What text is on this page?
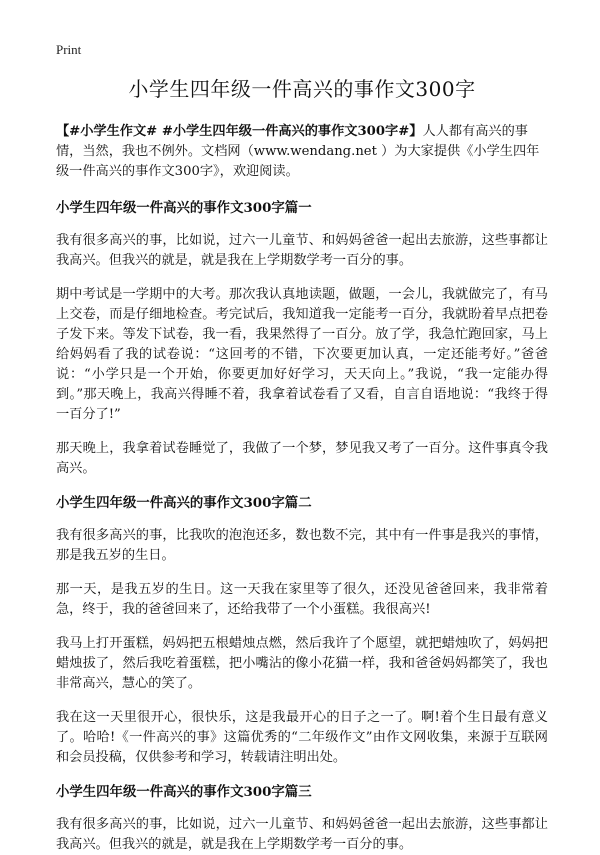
Print
小学生四年级一件高兴的事作文300字

【#小学生作文# #小学生四年级一件高兴的事作文300字#】人人都有高兴的事情，当然，我也不例外。文档网（www.wendang.net ）为大家提供《小学生四年级一件高兴的事作文300字》，欢迎阅读。

小学生四年级一件高兴的事作文300字篇一

我有很多高兴的事，比如说，过六一儿童节、和妈妈爸爸一起出去旅游，这些事都让我高兴。但我兴的就是，就是我在上学期数学考一百分的事。

期中考试是一学期中的大考。那次我认真地读题，做题，一会儿，我就做完了，有马上交卷，而是仔细地检查。考完试后，我知道我一定能考一百分，我就盼着早点把卷子发下来。等发下试卷，我一看，我果然得了一百分。放了学，我急忙跑回家，马上给妈妈看了我的试卷说：“这回考的不错，下次要更加认真，一定还能考好。”爸爸说：“小学只是一个开始，你要更加好好学习，天天向上。”我说，“我一定能办得到。”那天晚上，我高兴得睡不着，我拿着试卷看了又看，自言自语地说：“我终于得一百分了!”

那天晚上，我拿着试卷睡觉了，我做了一个梦，梦见我又考了一百分。这件事真令我高兴。

小学生四年级一件高兴的事作文300字篇二

我有很多高兴的事，比我吹的泡泡还多，数也数不完，其中有一件事是我兴的事情，那是我五岁的生日。

那一天，是我五岁的生日。这一天我在家里等了很久，还没见爸爸回来，我非常着急，终于，我的爸爸回来了，还给我带了一个小蛋糕。我很高兴!

我马上打开蛋糕，妈妈把五根蜡烛点燃，然后我许了个愿望，就把蜡烛吹了，妈妈把蜡烛拔了，然后我吃着蛋糕，把小嘴沾的像小花猫一样，我和爸爸妈妈都笑了，我也非常高兴，慧心的笑了。

我在这一天里很开心，很快乐，这是我最开心的日子之一了。啊!着个生日最有意义了。哈哈!《一件高兴的事》这篇优秀的“二年级作文”由作文网收集，来源于互联网和会员投稿，仅供参考和学习，转载请注明出处。

小学生四年级一件高兴的事作文300字篇三

我有很多高兴的事，比如说，过六一儿童节、和妈妈爸爸一起出去旅游，这些事都让我高兴。但我兴的就是，就是我在上学期数学考一百分的事。
